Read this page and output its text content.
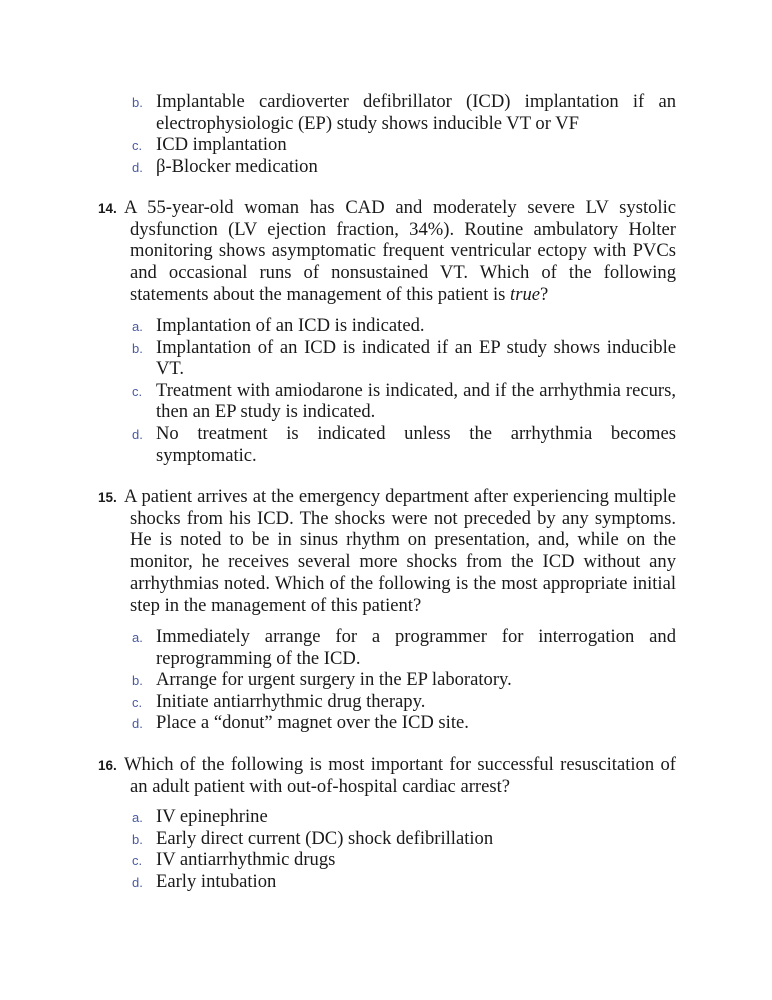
b. Implantable cardioverter defibrillator (ICD) implantation if an electrophysiologic (EP) study shows inducible VT or VF
c. ICD implantation
d. β-Blocker medication
14. A 55-year-old woman has CAD and moderately severe LV systolic dysfunction (LV ejection fraction, 34%). Routine ambulatory Holter monitoring shows asymptomatic frequent ventricular ectopy with PVCs and occasional runs of nonsustained VT. Which of the following statements about the management of this patient is true?
a. Implantation of an ICD is indicated.
b. Implantation of an ICD is indicated if an EP study shows inducible VT.
c. Treatment with amiodarone is indicated, and if the arrhythmia recurs, then an EP study is indicated.
d. No treatment is indicated unless the arrhythmia becomes symptomatic.
15. A patient arrives at the emergency department after experiencing multiple shocks from his ICD. The shocks were not preceded by any symptoms. He is noted to be in sinus rhythm on presentation, and, while on the monitor, he receives several more shocks from the ICD without any arrhythmias noted. Which of the following is the most appropriate initial step in the management of this patient?
a. Immediately arrange for a programmer for interrogation and reprogramming of the ICD.
b. Arrange for urgent surgery in the EP laboratory.
c. Initiate antiarrhythmic drug therapy.
d. Place a “donut” magnet over the ICD site.
16. Which of the following is most important for successful resuscitation of an adult patient with out-of-hospital cardiac arrest?
a. IV epinephrine
b. Early direct current (DC) shock defibrillation
c. IV antiarrhythmic drugs
d. Early intubation
